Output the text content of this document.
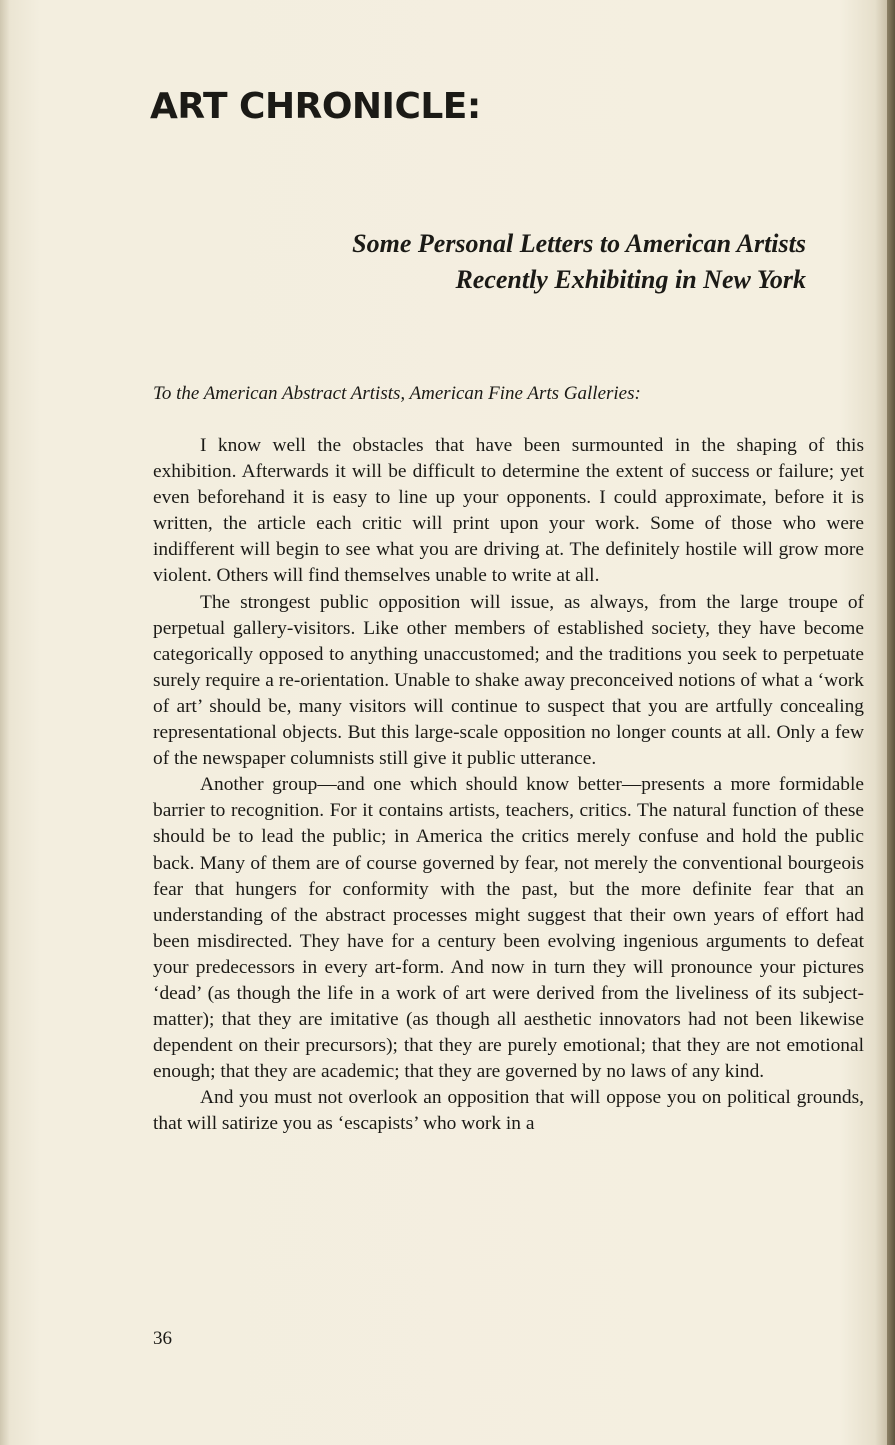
ART CHRONICLE:
Some Personal Letters to American Artists
Recently Exhibiting in New York

To the American Abstract Artists, American Fine Arts Galleries:

I know well the obstacles that have been surmounted in the shaping of this exhibition. Afterwards it will be difficult to determine the extent of success or failure; yet even beforehand it is easy to line up your opponents. I could approximate, before it is written, the article each critic will print upon your work. Some of those who were indifferent will begin to see what you are driving at. The definitely hostile will grow more violent. Others will find themselves unable to write at all.

The strongest public opposition will issue, as always, from the large troupe of perpetual gallery-visitors. Like other members of established society, they have become categorically opposed to anything unaccustomed; and the traditions you seek to perpetuate surely require a re-orientation. Unable to shake away preconceived notions of what a ‘work of art’ should be, many visitors will continue to suspect that you are artfully concealing representational objects. But this large-scale opposition no longer counts at all. Only a few of the newspaper columnists still give it public utterance.

Another group—and one which should know better—presents a more formidable barrier to recognition. For it contains artists, teachers, critics. The natural function of these should be to lead the public; in America the critics merely confuse and hold the public back. Many of them are of course governed by fear, not merely the conventional bourgeois fear that hungers for conformity with the past, but the more definite fear that an understanding of the abstract processes might suggest that their own years of effort had been misdirected. They have for a century been evolving ingenious arguments to defeat your predecessors in every art-form. And now in turn they will pronounce your pictures ‘dead’ (as though the life in a work of art were derived from the liveliness of its subject-matter); that they are imitative (as though all aesthetic innovators had not been likewise dependent on their precursors); that they are purely emotional; that they are not emotional enough; that they are academic; that they are governed by no laws of any kind.

And you must not overlook an opposition that will oppose you on political grounds, that will satirize you as ‘escapists’ who work in a

36
